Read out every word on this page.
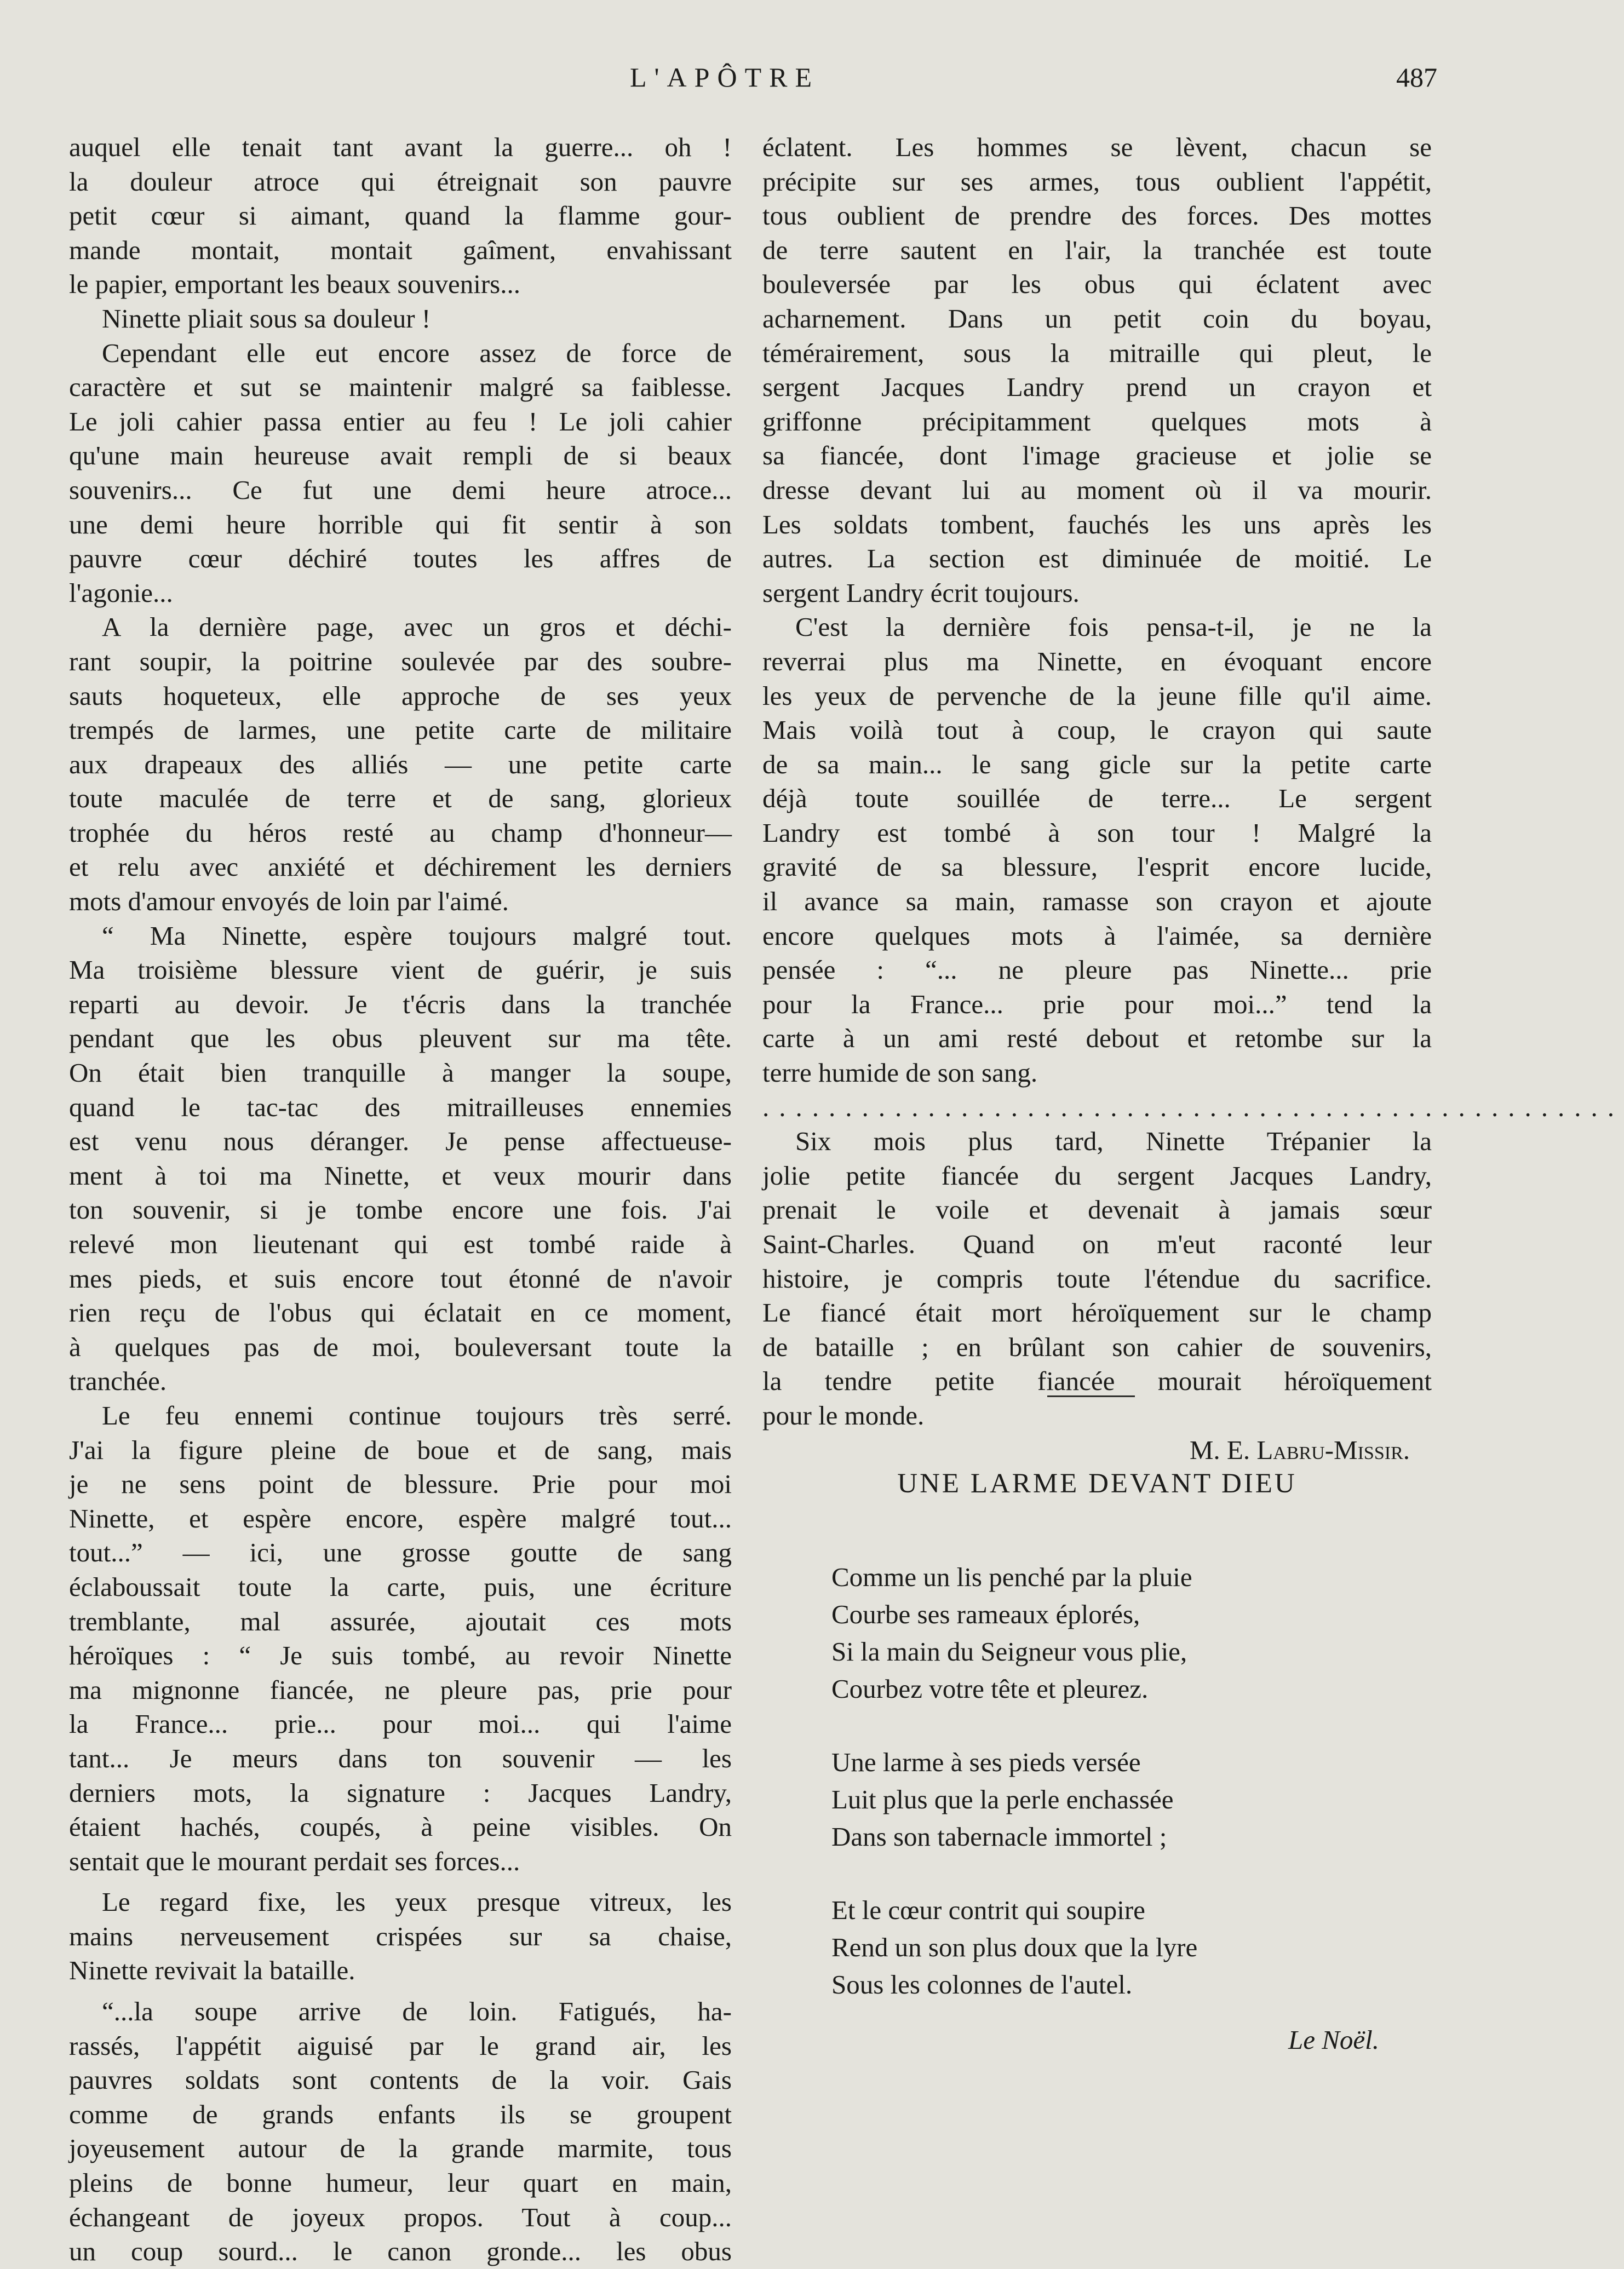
L'APÔTRE	487
auquel elle tenait tant avant la guerre... oh !
la douleur atroce qui étreignait son pauvre
petit cœur si aimant, quand la flamme gour-
mande montait, montait gaîment, envahissant
le papier, emportant les beaux souvenirs...
Ninette pliait sous sa douleur !
Cependant elle eut encore assez de force de
caractère et sut se maintenir malgré sa faiblesse.
Le joli cahier passa entier au feu ! Le joli cahier
qu'une main heureuse avait rempli de si beaux
souvenirs... Ce fut une demi heure atroce...
une demi heure horrible qui fit sentir à son
pauvre cœur déchiré toutes les affres de
l'agonie...
A la dernière page, avec un gros et déchi-
rant soupir, la poitrine soulevée par des soubre-
sauts hoqueteux, elle approche de ses yeux
trempés de larmes, une petite carte de militaire
aux drapeaux des alliés — une petite carte
toute maculée de terre et de sang, glorieux
trophée du héros resté au champ d'honneur—
et relu avec anxiété et déchirement les derniers
mots d'amour envoyés de loin par l'aimé.
“ Ma Ninette, espère toujours malgré tout.
Ma troisième blessure vient de guérir, je suis
reparti au devoir. Je t'écris dans la tranchée
pendant que les obus pleuvent sur ma tête.
On était bien tranquille à manger la soupe,
quand le tac-tac des mitrailleuses ennemies
est venu nous déranger. Je pense affectueuse-
ment à toi ma Ninette, et veux mourir dans
ton souvenir, si je tombe encore une fois. J'ai
relevé mon lieutenant qui est tombé raide à
mes pieds, et suis encore tout étonné de n'avoir
rien reçu de l'obus qui éclatait en ce moment,
à quelques pas de moi, bouleversant toute la
tranchée.
Le feu ennemi continue toujours très serré.
J'ai la figure pleine de boue et de sang, mais
je ne sens point de blessure. Prie pour moi
Ninette, et espère encore, espère malgré tout...
tout...” — ici, une grosse goutte de sang
éclaboussait toute la carte, puis, une écriture
tremblante, mal assurée, ajoutait ces mots
héroïques : “ Je suis tombé, au revoir Ninette
ma mignonne fiancée, ne pleure pas, prie pour
la France... prie... pour moi... qui l'aime
tant... Je meurs dans ton souvenir — les
derniers mots, la signature : Jacques Landry,
étaient hachés, coupés, à peine visibles. On
sentait que le mourant perdait ses forces...
Le regard fixe, les yeux presque vitreux, les
mains nerveusement crispées sur sa chaise,
Ninette revivait la bataille.
“...la soupe arrive de loin. Fatigués, ha-
rassés, l'appétit aiguisé par le grand air, les
pauvres soldats sont contents de la voir. Gais
comme de grands enfants ils se groupent
joyeusement autour de la grande marmite, tous
pleins de bonne humeur, leur quart en main,
échangeant de joyeux propos. Tout à coup...
un coup sourd... le canon gronde... les obus
éclatent. Les hommes se lèvent, chacun se
précipite sur ses armes, tous oublient l'appétit,
tous oublient de prendre des forces. Des mottes
de terre sautent en l'air, la tranchée est toute
bouleversée par les obus qui éclatent avec
acharnement. Dans un petit coin du boyau,
témérairement, sous la mitraille qui pleut, le
sergent Jacques Landry prend un crayon et
griffonne précipitamment quelques mots à
sa fiancée, dont l'image gracieuse et jolie se
dresse devant lui au moment où il va mourir.
Les soldats tombent, fauchés les uns après les
autres. La section est diminuée de moitié. Le
sergent Landry écrit toujours.
C'est la dernière fois pensa-t-il, je ne la
reverrai plus ma Ninette, en évoquant encore
les yeux de pervenche de la jeune fille qu'il aime.
Mais voilà tout à coup, le crayon qui saute
de sa main... le sang gicle sur la petite carte
déjà toute souillée de terre... Le sergent
Landry est tombé à son tour ! Malgré la
gravité de sa blessure, l'esprit encore lucide,
il avance sa main, ramasse son crayon et ajoute
encore quelques mots à l'aimée, sa dernière
pensée : “... ne pleure pas Ninette... prie
pour la France... prie pour moi...” tend la
carte à un ami resté debout et retombe sur la
terre humide de son sang.
....................................................
Six mois plus tard, Ninette Trépanier la
jolie petite fiancée du sergent Jacques Landry,
prenait le voile et devenait à jamais sœur
Saint-Charles. Quand on m'eut raconté leur
histoire, je compris toute l'étendue du sacrifice.
Le fiancé était mort héroïquement sur le champ
de bataille ; en brûlant son cahier de souvenirs,
la tendre petite fiancée mourait héroïquement
pour le monde.
M. E. Labru-Missir.
UNE LARME DEVANT DIEU
Comme un lis penché par la pluie
Courbe ses rameaux éplorés,
Si la main du Seigneur vous plie,
Courbez votre tête et pleurez.
Une larme à ses pieds versée
Luit plus que la perle enchassée
Dans son tabernacle immortel ;
Et le cœur contrit qui soupire
Rend un son plus doux que la lyre
Sous les colonnes de l'autel.
Le Noël.
